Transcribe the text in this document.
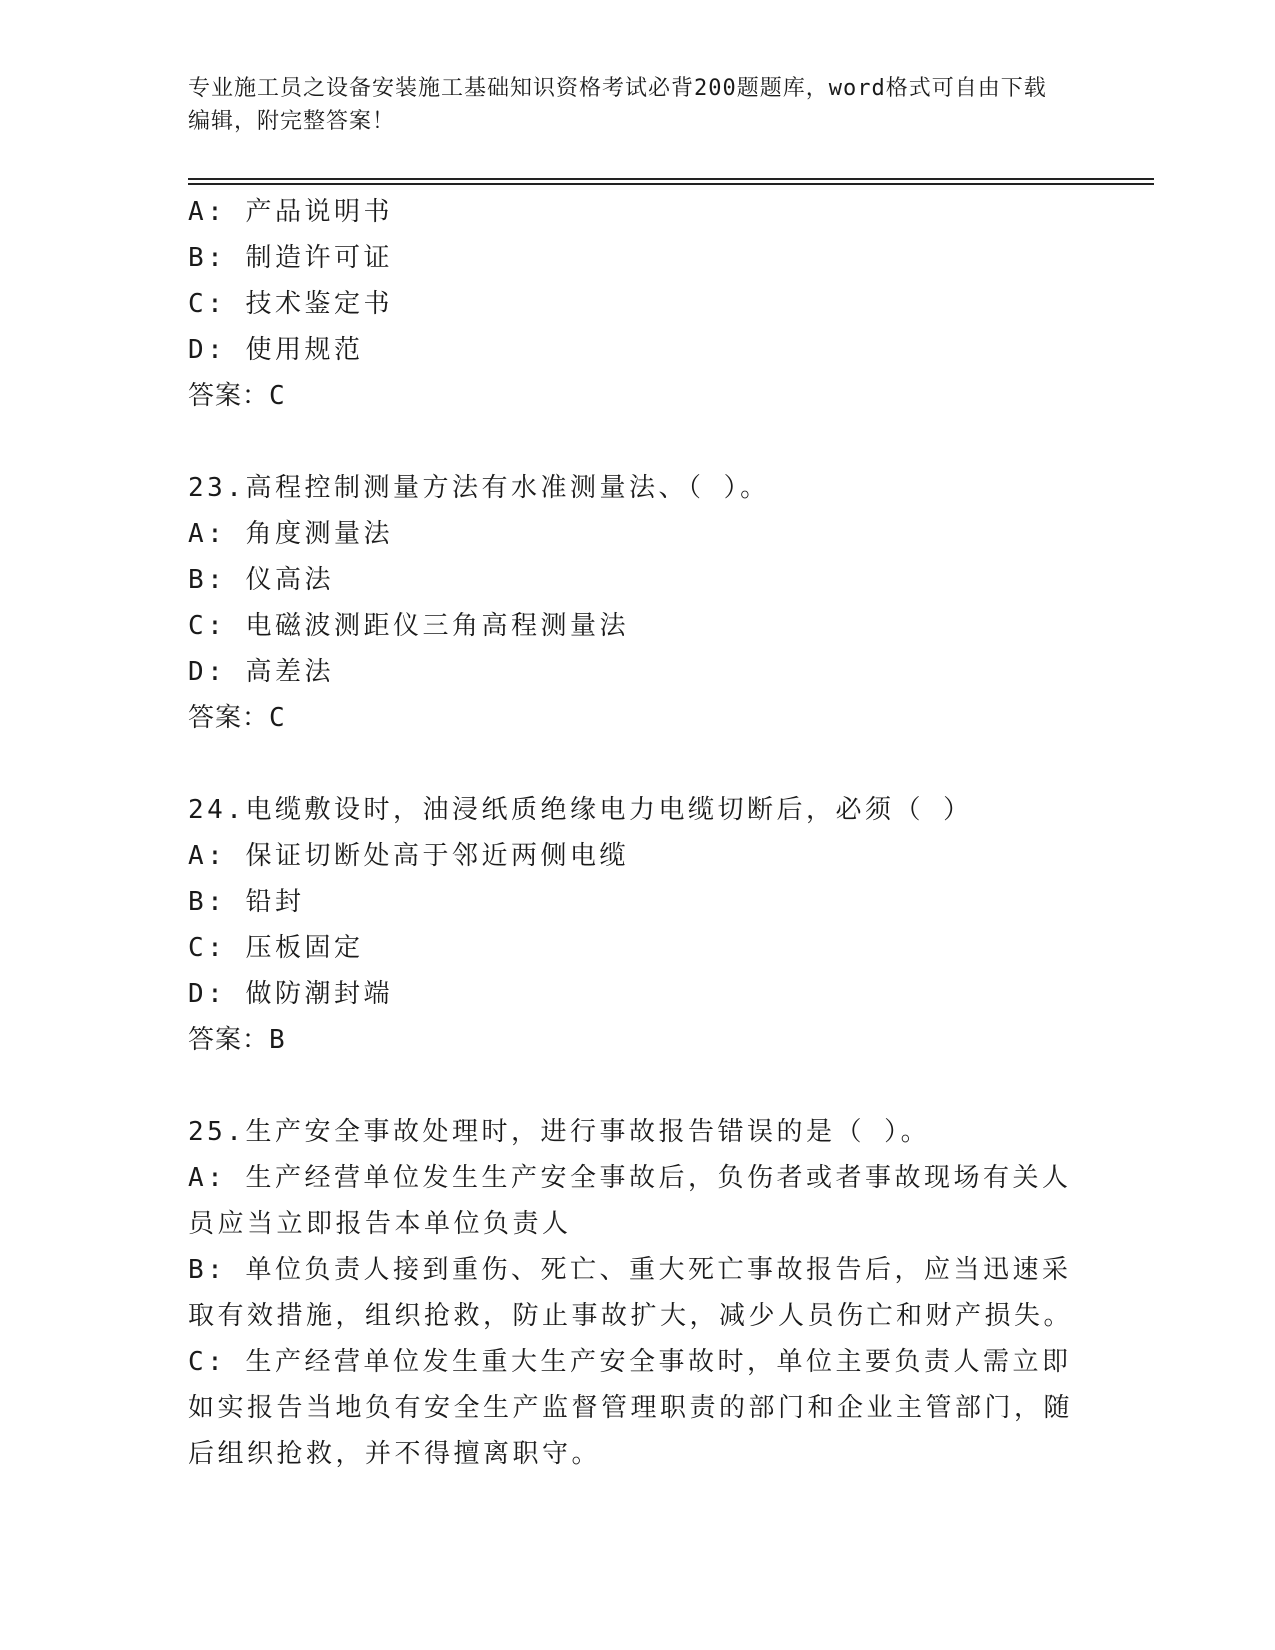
专业施工员之设备安装施工基础知识资格考试必背200题题库，word格式可自由下载编辑，附完整答案！
A: 产品说明书
B: 制造许可证
C: 技术鉴定书
D: 使用规范
答案：C
23.高程控制测量方法有水准测量法、（ ）。
A: 角度测量法
B: 仪高法
C: 电磁波测距仪三角高程测量法
D: 高差法
答案：C
24.电缆敷设时，油浸纸质绝缘电力电缆切断后，必须（ ）
A: 保证切断处高于邻近两侧电缆
B: 铅封
C: 压板固定
D: 做防潮封端
答案：B
25.生产安全事故处理时，进行事故报告错误的是（ ）。
A: 生产经营单位发生生产安全事故后，负伤者或者事故现场有关人员应当立即报告本单位负责人
B: 单位负责人接到重伤、死亡、重大死亡事故报告后，应当迅速采取有效措施，组织抢救，防止事故扩大，减少人员伤亡和财产损失。
C: 生产经营单位发生重大生产安全事故时，单位主要负责人需立即如实报告当地负有安全生产监督管理职责的部门和企业主管部门，随后组织抢救，并不得擅离职守。
